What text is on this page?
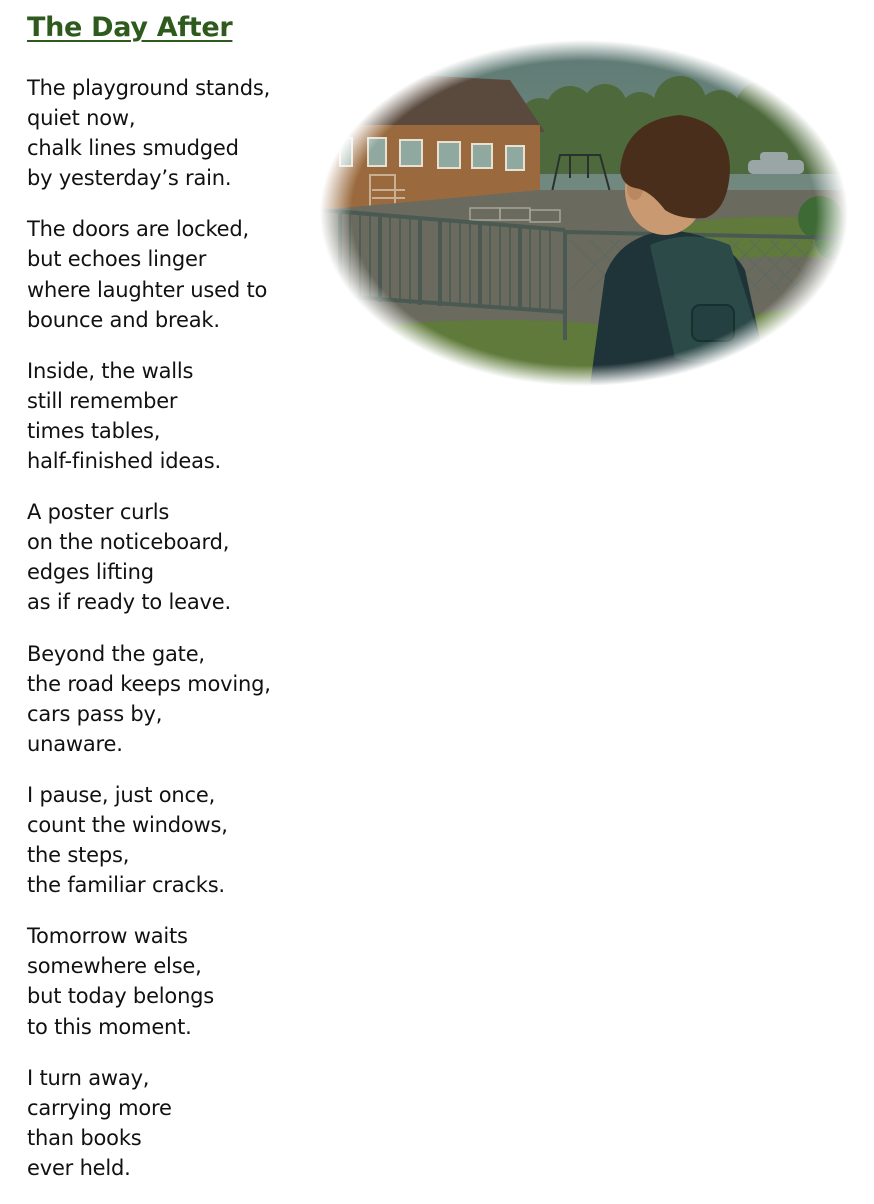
The Day After

The playground stands,
quiet now,
chalk lines smudged
by yesterday’s rain.

The doors are locked,
but echoes linger
where laughter used to
bounce and break.

Inside, the walls
still remember
times tables,
half-finished ideas.

A poster curls
on the noticeboard,
edges lifting
as if ready to leave.

Beyond the gate,
the road keeps moving,
cars pass by,
unaware.

I pause, just once,
count the windows,
the steps,
the familiar cracks.

Tomorrow waits
somewhere else,
but today belongs
to this moment.

I turn away,
carrying more
than books
ever held.
